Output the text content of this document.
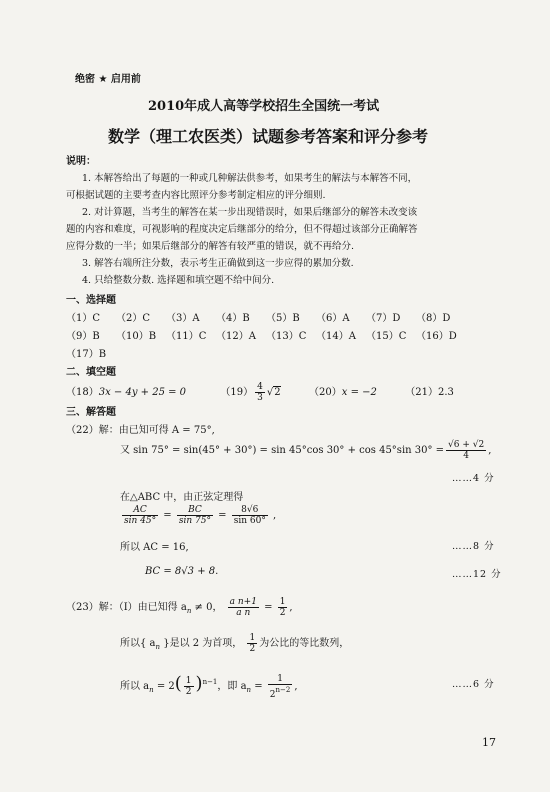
绝密 ★ 启用前
2010年成人高等学校招生全国统一考试
数学（理工农医类）试题参考答案和评分参考
说明：
1. 本解答给出了每题的一种或几种解法供参考，如果考生的解法与本解答不同，
可根据试题的主要考查内容比照评分参考制定相应的评分细则.
2. 对计算题，当考生的解答在某一步出现错误时，如果后继部分的解答未改变该
题的内容和难度，可视影响的程度决定后继部分的给分，但不得超过该部分正确解答
应得分数的一半；如果后继部分的解答有较严重的错误，就不再给分.
3. 解答右端所注分数，表示考生正确做到这一步应得的累加分数.
4. 只给整数分数. 选择题和填空题不给中间分.
一、选择题
（1）C （2）C （3）A （4）B （5）B （6）A （7）D （8）D
（9）B （10）B （11）C （12）A （13）C （14）A （15）C （16）D
（17）B
二、填空题
（18）3x − 4y + 25 = 0	$(19) \frac{4}{3} √2$	（20）x = −2	（21）2.3
三、解答题
（22）解：由已知可得 A = 75°,
又 sin 75° = sin(45° + 30°) = sin 45°cos 30° + cos 45°sin $30^\circ = \frac{√6 + √2}{4}$ ,
……4 分
在△ABC 中，由正弦定理得
$\frac{AC}{\sin 45^\circ} = \frac{BC}{\sin 75^\circ} = \frac{8√6}{\sin 60^\circ}$ ,
所以 AC = 16,	……8 分
BC = 8√3 + 8.	……12 分
（23）解：（Ⅰ）由已知得 $a_n \ne 0$， $\frac{\text{a n+1}}{\text{a n}} = \frac{1}{2}$ ,
所以{ $a_n$ }是以 2 为首项， $\frac{1}{2}$ 为公比的等比数列，
所以 $a_n = 2( \frac{1}{2} )^{n-1}$，即 $a_n = \frac{1}{2^{n-2}}$ ,	……6 分
17
